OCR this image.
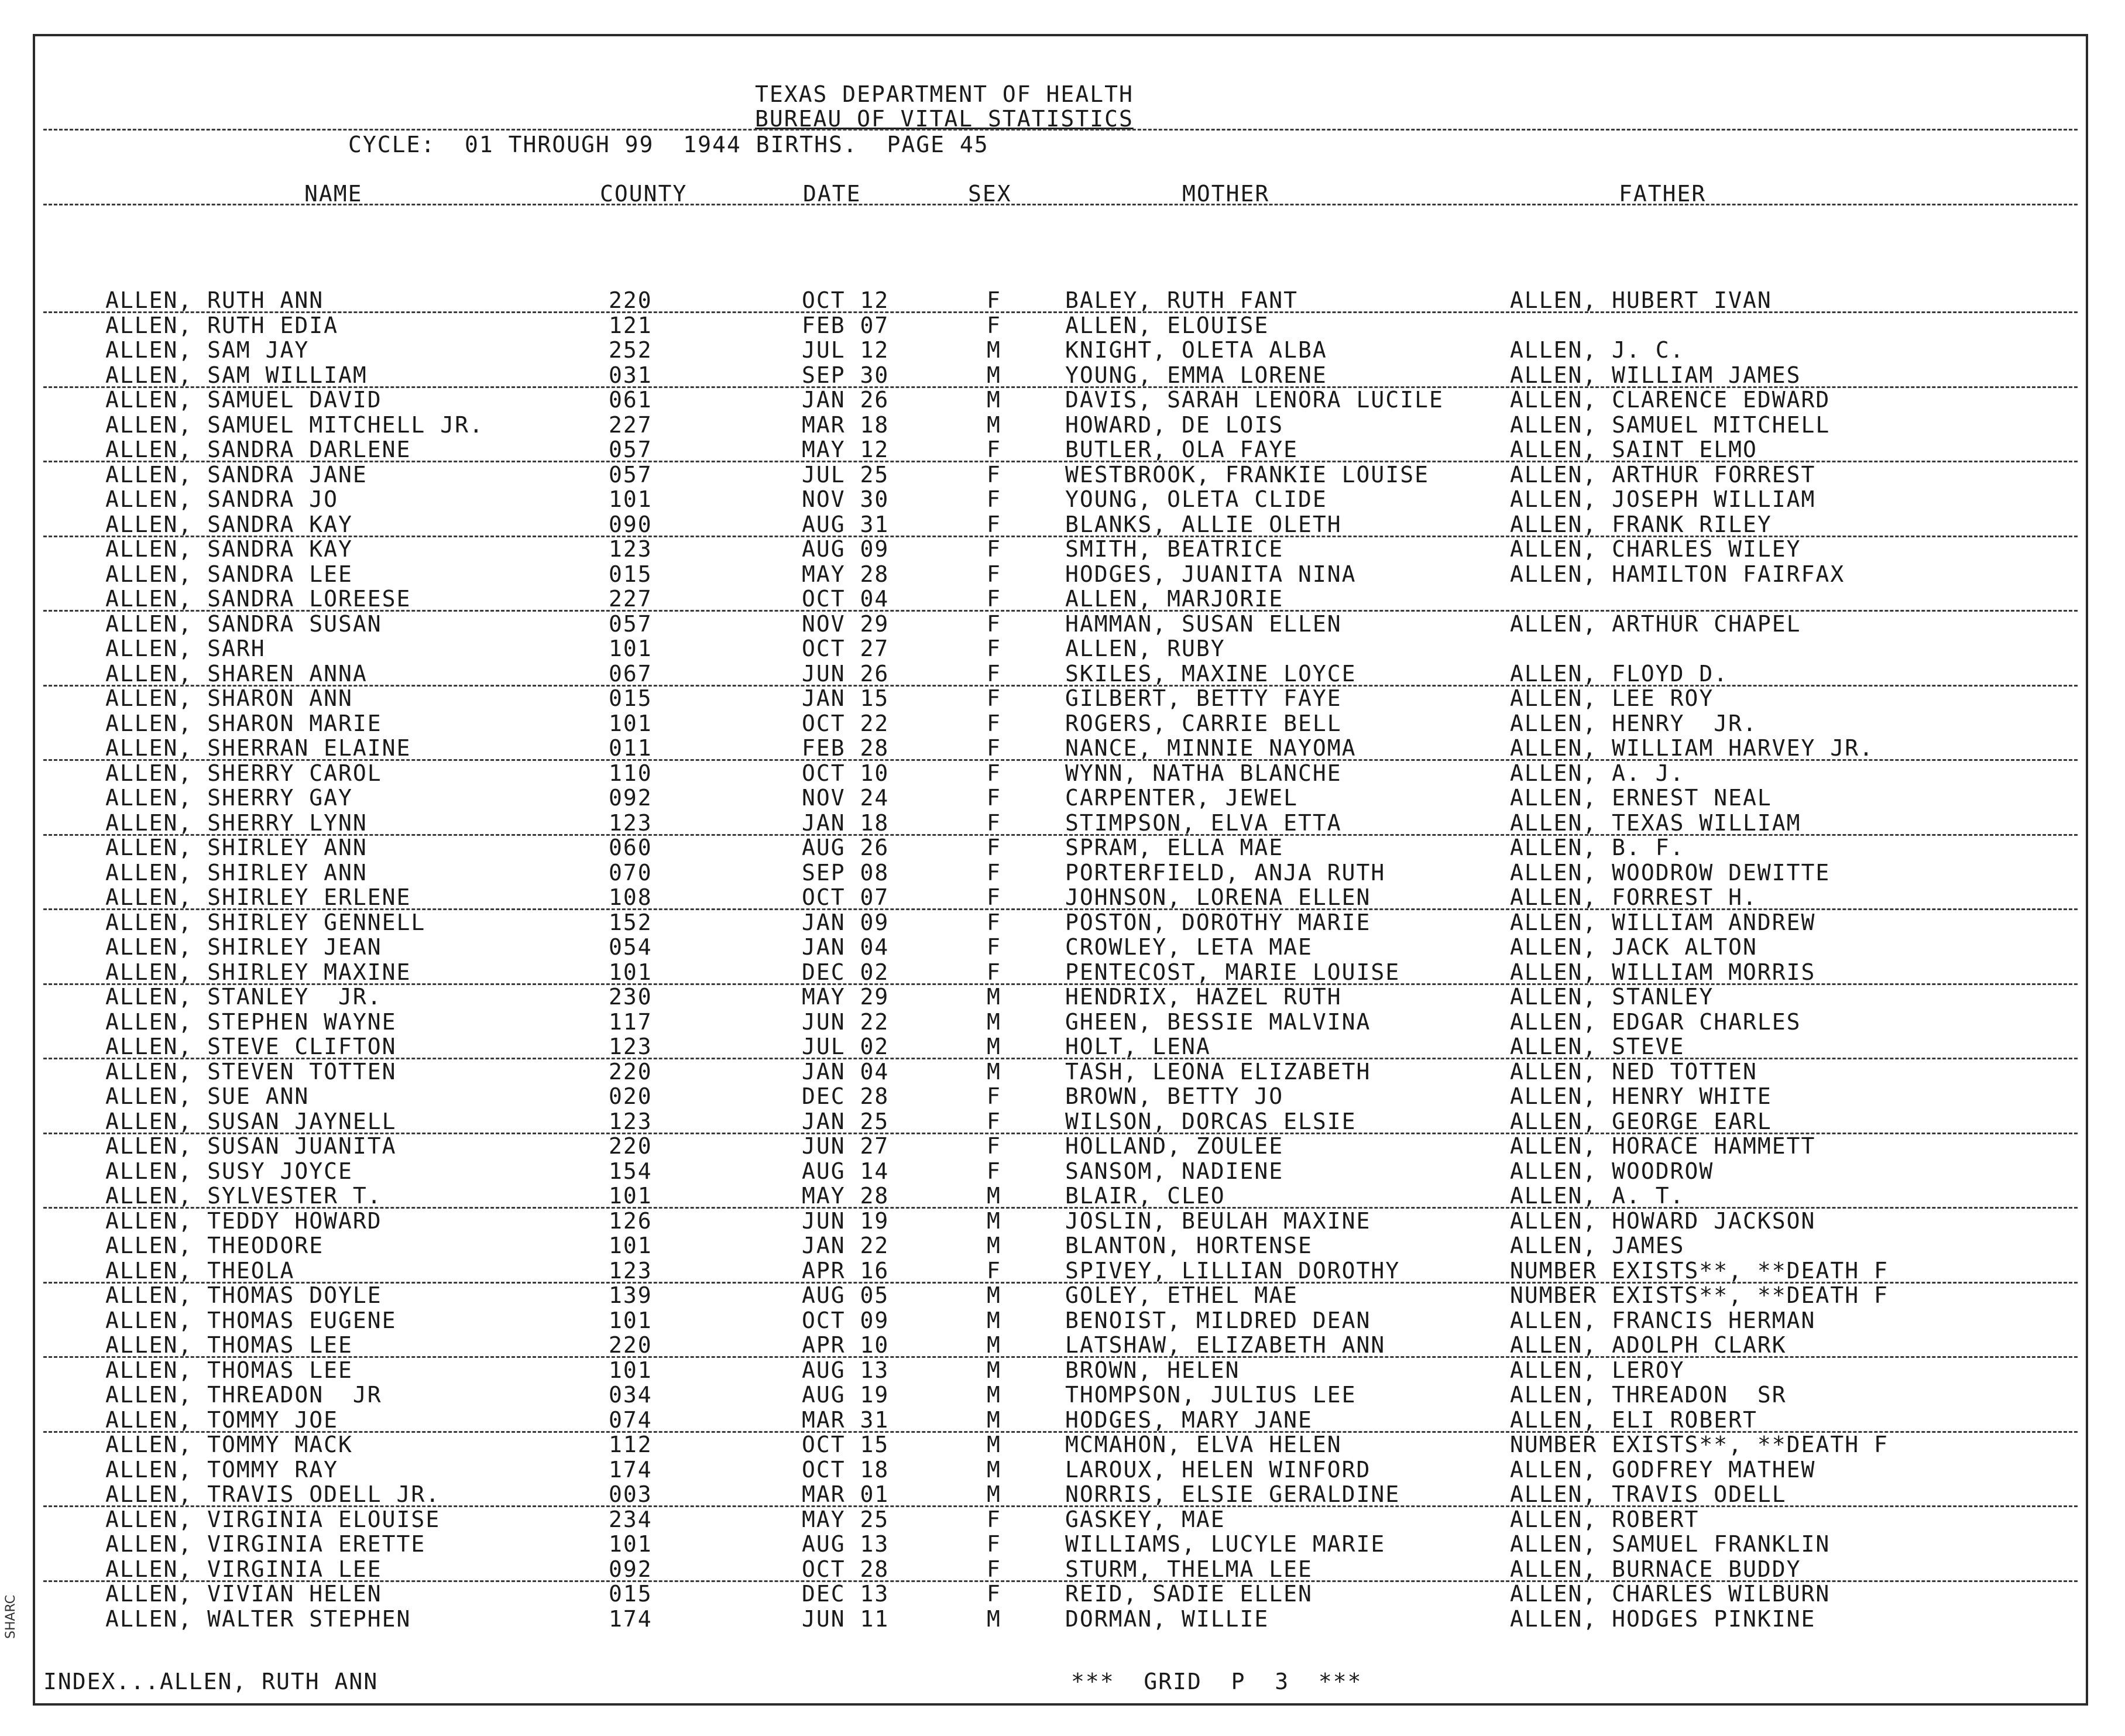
TEXAS DEPARTMENT OF HEALTH
BUREAU OF VITAL STATISTICS
CYCLE:  01 THROUGH 99  1944 BIRTHS.  PAGE 45
NAME	COUNTY	DATE	SEX	MOTHER	FATHER
ALLEN, RUTH ANN	220	OCT 12	F	BALEY, RUTH FANT	ALLEN, HUBERT IVAN
ALLEN, RUTH EDIA	121	FEB 07	F	ALLEN, ELOUISE
ALLEN, SAM JAY	252	JUL 12	M	KNIGHT, OLETA ALBA	ALLEN, J. C.
ALLEN, SAM WILLIAM	031	SEP 30	M	YOUNG, EMMA LORENE	ALLEN, WILLIAM JAMES
ALLEN, SAMUEL DAVID	061	JAN 26	M	DAVIS, SARAH LENORA LUCILE	ALLEN, CLARENCE EDWARD
ALLEN, SAMUEL MITCHELL JR.	227	MAR 18	M	HOWARD, DE LOIS	ALLEN, SAMUEL MITCHELL
ALLEN, SANDRA DARLENE	057	MAY 12	F	BUTLER, OLA FAYE	ALLEN, SAINT ELMO
ALLEN, SANDRA JANE	057	JUL 25	F	WESTBROOK, FRANKIE LOUISE	ALLEN, ARTHUR FORREST
ALLEN, SANDRA JO	101	NOV 30	F	YOUNG, OLETA CLIDE	ALLEN, JOSEPH WILLIAM
ALLEN, SANDRA KAY	090	AUG 31	F	BLANKS, ALLIE OLETH	ALLEN, FRANK RILEY
ALLEN, SANDRA KAY	123	AUG 09	F	SMITH, BEATRICE	ALLEN, CHARLES WILEY
ALLEN, SANDRA LEE	015	MAY 28	F	HODGES, JUANITA NINA	ALLEN, HAMILTON FAIRFAX
ALLEN, SANDRA LOREESE	227	OCT 04	F	ALLEN, MARJORIE
ALLEN, SANDRA SUSAN	057	NOV 29	F	HAMMAN, SUSAN ELLEN	ALLEN, ARTHUR CHAPEL
ALLEN, SARH	101	OCT 27	F	ALLEN, RUBY
ALLEN, SHAREN ANNA	067	JUN 26	F	SKILES, MAXINE LOYCE	ALLEN, FLOYD D.
ALLEN, SHARON ANN	015	JAN 15	F	GILBERT, BETTY FAYE	ALLEN, LEE ROY
ALLEN, SHARON MARIE	101	OCT 22	F	ROGERS, CARRIE BELL	ALLEN, HENRY  JR.
ALLEN, SHERRAN ELAINE	011	FEB 28	F	NANCE, MINNIE NAYOMA	ALLEN, WILLIAM HARVEY JR.
ALLEN, SHERRY CAROL	110	OCT 10	F	WYNN, NATHA BLANCHE	ALLEN, A. J.
ALLEN, SHERRY GAY	092	NOV 24	F	CARPENTER, JEWEL	ALLEN, ERNEST NEAL
ALLEN, SHERRY LYNN	123	JAN 18	F	STIMPSON, ELVA ETTA	ALLEN, TEXAS WILLIAM
ALLEN, SHIRLEY ANN	060	AUG 26	F	SPRAM, ELLA MAE	ALLEN, B. F.
ALLEN, SHIRLEY ANN	070	SEP 08	F	PORTERFIELD, ANJA RUTH	ALLEN, WOODROW DEWITTE
ALLEN, SHIRLEY ERLENE	108	OCT 07	F	JOHNSON, LORENA ELLEN	ALLEN, FORREST H.
ALLEN, SHIRLEY GENNELL	152	JAN 09	F	POSTON, DOROTHY MARIE	ALLEN, WILLIAM ANDREW
ALLEN, SHIRLEY JEAN	054	JAN 04	F	CROWLEY, LETA MAE	ALLEN, JACK ALTON
ALLEN, SHIRLEY MAXINE	101	DEC 02	F	PENTECOST, MARIE LOUISE	ALLEN, WILLIAM MORRIS
ALLEN, STANLEY  JR.	230	MAY 29	M	HENDRIX, HAZEL RUTH	ALLEN, STANLEY
ALLEN, STEPHEN WAYNE	117	JUN 22	M	GHEEN, BESSIE MALVINA	ALLEN, EDGAR CHARLES
ALLEN, STEVE CLIFTON	123	JUL 02	M	HOLT, LENA	ALLEN, STEVE
ALLEN, STEVEN TOTTEN	220	JAN 04	M	TASH, LEONA ELIZABETH	ALLEN, NED TOTTEN
ALLEN, SUE ANN	020	DEC 28	F	BROWN, BETTY JO	ALLEN, HENRY WHITE
ALLEN, SUSAN JAYNELL	123	JAN 25	F	WILSON, DORCAS ELSIE	ALLEN, GEORGE EARL
ALLEN, SUSAN JUANITA	220	JUN 27	F	HOLLAND, ZOULEE	ALLEN, HORACE HAMMETT
ALLEN, SUSY JOYCE	154	AUG 14	F	SANSOM, NADIENE	ALLEN, WOODROW
ALLEN, SYLVESTER T.	101	MAY 28	M	BLAIR, CLEO	ALLEN, A. T.
ALLEN, TEDDY HOWARD	126	JUN 19	M	JOSLIN, BEULAH MAXINE	ALLEN, HOWARD JACKSON
ALLEN, THEODORE	101	JAN 22	M	BLANTON, HORTENSE	ALLEN, JAMES
ALLEN, THEOLA	123	APR 16	F	SPIVEY, LILLIAN DOROTHY	NUMBER EXISTS**, **DEATH F
ALLEN, THOMAS DOYLE	139	AUG 05	M	GOLEY, ETHEL MAE	NUMBER EXISTS**, **DEATH F
ALLEN, THOMAS EUGENE	101	OCT 09	M	BENOIST, MILDRED DEAN	ALLEN, FRANCIS HERMAN
ALLEN, THOMAS LEE	220	APR 10	M	LATSHAW, ELIZABETH ANN	ALLEN, ADOLPH CLARK
ALLEN, THOMAS LEE	101	AUG 13	M	BROWN, HELEN	ALLEN, LEROY
ALLEN, THREADON  JR	034	AUG 19	M	THOMPSON, JULIUS LEE	ALLEN, THREADON  SR
ALLEN, TOMMY JOE	074	MAR 31	M	HODGES, MARY JANE	ALLEN, ELI ROBERT
ALLEN, TOMMY MACK	112	OCT 15	M	MCMAHON, ELVA HELEN	NUMBER EXISTS**, **DEATH F
ALLEN, TOMMY RAY	174	OCT 18	M	LAROUX, HELEN WINFORD	ALLEN, GODFREY MATHEW
ALLEN, TRAVIS ODELL JR.	003	MAR 01	M	NORRIS, ELSIE GERALDINE	ALLEN, TRAVIS ODELL
ALLEN, VIRGINIA ELOUISE	234	MAY 25	F	GASKEY, MAE	ALLEN, ROBERT
ALLEN, VIRGINIA ERETTE	101	AUG 13	F	WILLIAMS, LUCYLE MARIE	ALLEN, SAMUEL FRANKLIN
ALLEN, VIRGINIA LEE	092	OCT 28	F	STURM, THELMA LEE	ALLEN, BURNACE BUDDY
ALLEN, VIVIAN HELEN	015	DEC 13	F	REID, SADIE ELLEN	ALLEN, CHARLES WILBURN
ALLEN, WALTER STEPHEN	174	JUN 11	M	DORMAN, WILLIE	ALLEN, HODGES PINKINE
INDEX...ALLEN, RUTH ANN	***  GRID  P  3  ***
SHARC
